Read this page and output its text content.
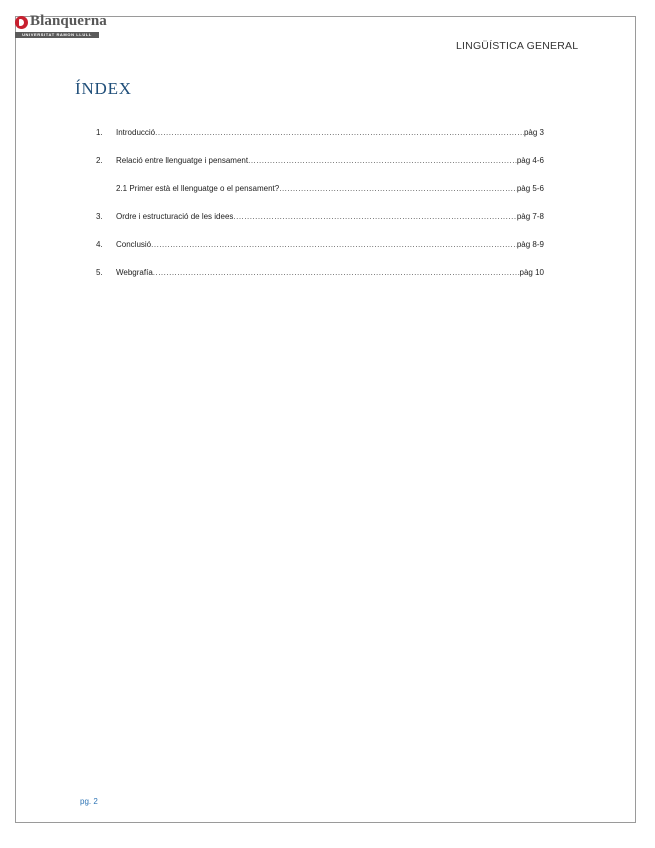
Blanquerna
UNIVERSITAT RAMON LLULL
LINGÜÍSTICA GENERAL
ÍNDEX
1.	Introducció .....	pàg 3
2.	Relació entre llenguatge i pensament .....	pàg 4-6
2.1 Primer està el llenguatge o el pensament? .....	pàg 5-6
3.	Ordre i estructuració de les idees .....	pàg 7-8
4.	Conclusió .....	pàg 8-9
5.	Webgrafía .....	pàg 10
pg. 2
